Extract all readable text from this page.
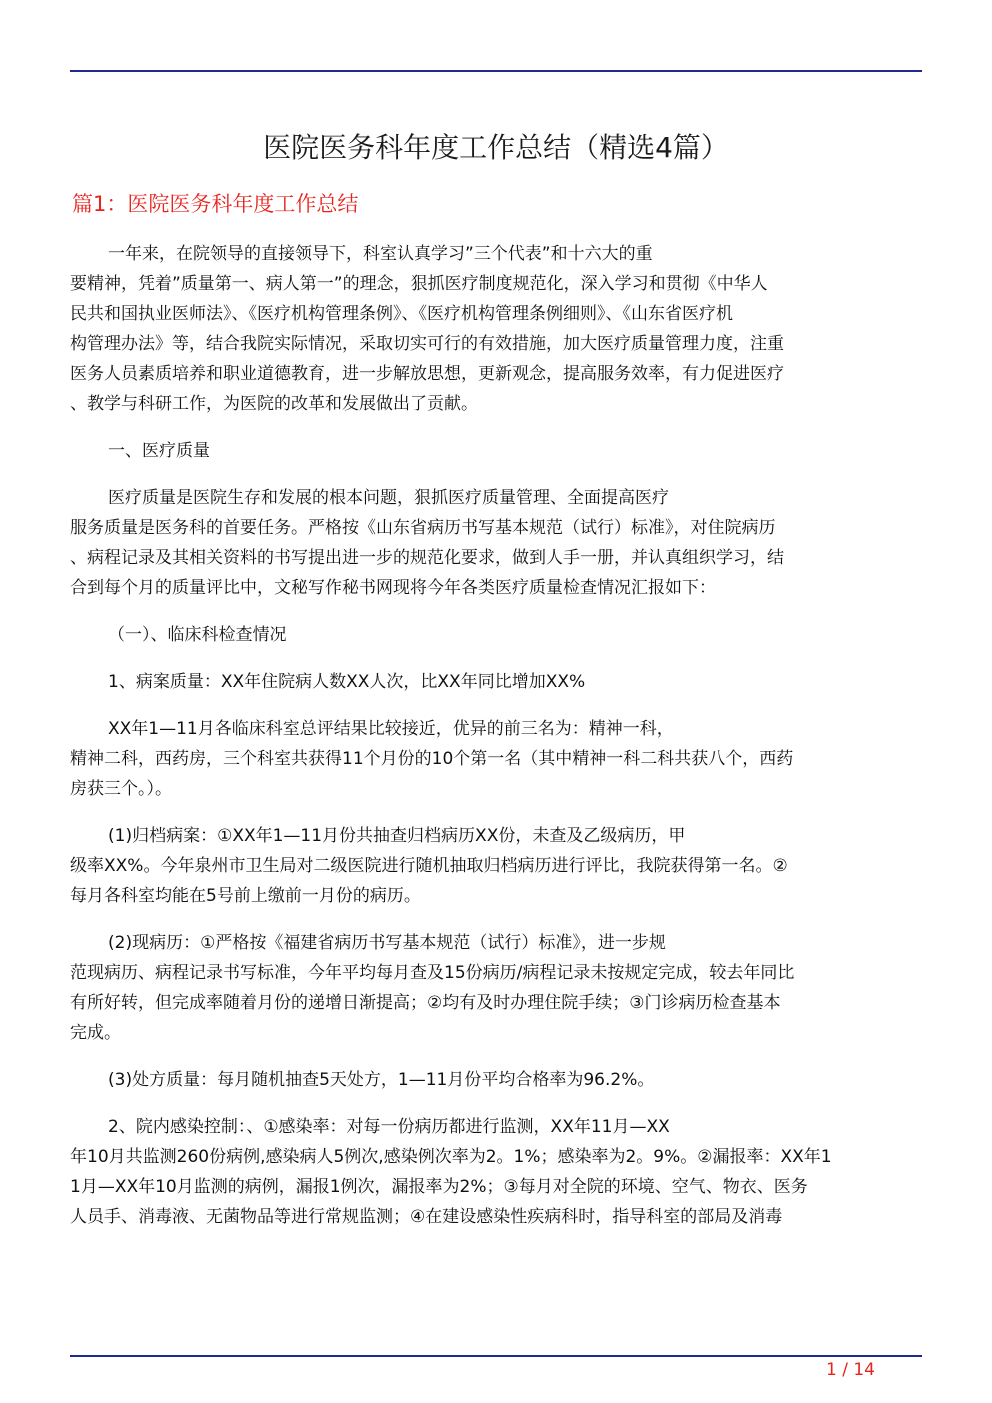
医院医务科年度工作总结（精选4篇）
篇1：医院医务科年度工作总结

一年来，在院领导的直接领导下，科室认真学习”三个代表”和十六大的重
要精神，凭着”质量第一、病人第一”的理念，狠抓医疗制度规范化，深入学习和贯彻《中华人
民共和国执业医师法》、《医疗机构管理条例》、《医疗机构管理条例细则》、《山东省医疗机
构管理办法》等，结合我院实际情况，采取切实可行的有效措施，加大医疗质量管理力度，注重
医务人员素质培养和职业道德教育，进一步解放思想，更新观念，提高服务效率，有力促进医疗
、教学与科研工作，为医院的改革和发展做出了贡献。

一、医疗质量

医疗质量是医院生存和发展的根本问题，狠抓医疗质量管理、全面提高医疗
服务质量是医务科的首要任务。严格按《山东省病历书写基本规范（试行）标准》，对住院病历
、病程记录及其相关资料的书写提出进一步的规范化要求，做到人手一册，并认真组织学习，结
合到每个月的质量评比中，文秘写作秘书网现将今年各类医疗质量检查情况汇报如下：

（一）、临床科检查情况

1、病案质量：XX年住院病人数XX人次，比XX年同比增加XX%

XX年1—11月各临床科室总评结果比较接近，优异的前三名为：精神一科，
精神二科，西药房，三个科室共获得11个月份的10个第一名（其中精神一科二科共获八个，西药
房获三个。）。

(1)归档病案：①XX年1—11月份共抽查归档病历XX份，未查及乙级病历，甲
级率XX%。今年泉州市卫生局对二级医院进行随机抽取归档病历进行评比，我院获得第一名。②
每月各科室均能在5号前上缴前一月份的病历。

(2)现病历：①严格按《福建省病历书写基本规范（试行）标准》，进一步规
范现病历、病程记录书写标准，今年平均每月查及15份病历/病程记录未按规定完成，较去年同比
有所好转，但完成率随着月份的递增日渐提高；②均有及时办理住院手续；③门诊病历检查基本
完成。

(3)处方质量：每月随机抽查5天处方，1—11月份平均合格率为96.2%。

2、院内感染控制：、①感染率：对每一份病历都进行监测，XX年11月—XX
年10月共监测260份病例,感染病人5例次,感染例次率为2。1%；感染率为2。9%。②漏报率：XX年1
1月—XX年10月监测的病例，漏报1例次，漏报率为2%；③每月对全院的环境、空气、物衣、医务
人员手、消毒液、无菌物品等进行常规监测；④在建设感染性疾病科时，指导科室的部局及消毒

1 / 14
